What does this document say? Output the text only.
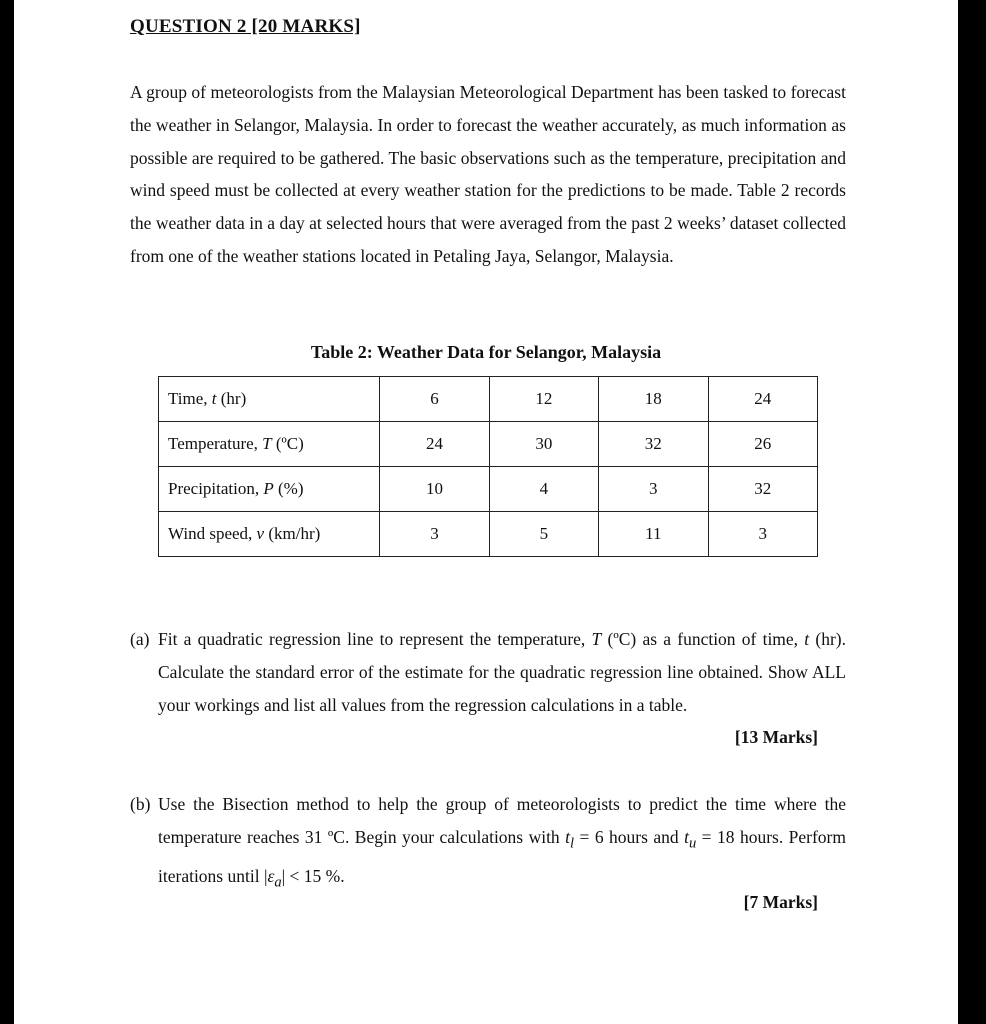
QUESTION 2 [20 MARKS]

A group of meteorologists from the Malaysian Meteorological Department has been tasked to forecast the weather in Selangor, Malaysia. In order to forecast the weather accurately, as much information as possible are required to be gathered. The basic observations such as the temperature, precipitation and wind speed must be collected at every weather station for the predictions to be made. Table 2 records the weather data in a day at selected hours that were averaged from the past 2 weeks’ dataset collected from one of the weather stations located in Petaling Jaya, Selangor, Malaysia.

Table 2: Weather Data for Selangor, Malaysia
Time, t (hr)	6	12	18	24
Temperature, T (ºC)	24	30	32	26
Precipitation, P (%)	10	4	3	32
Wind speed, v (km/hr)	3	5	11	3
(a) Fit a quadratic regression line to represent the temperature, T (ºC) as a function of time, t (hr). Calculate the standard error of the estimate for the quadratic regression line obtained. Show ALL your workings and list all values from the regression calculations in a table.
[13 Marks]
(b) Use the Bisection method to help the group of meteorologists to predict the time where the temperature reaches 31 ºC. Begin your calculations with $t_l = 6$ hours and $t_u = 18$ hours. Perform iterations until $|\varepsilon_a| < 15$ %.
[7 Marks]
